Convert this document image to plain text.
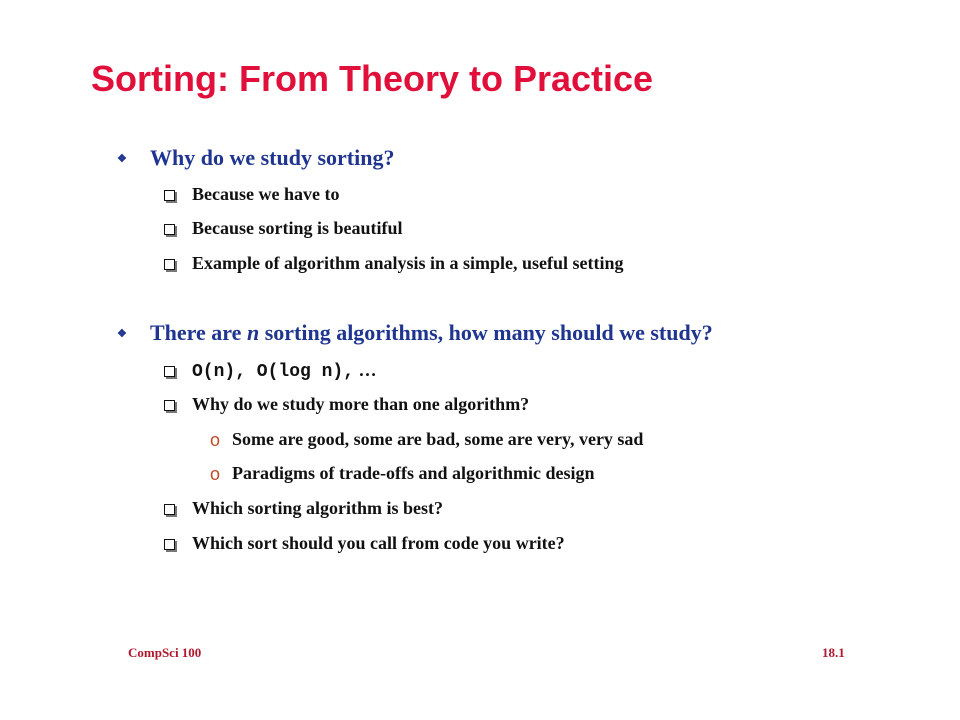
Sorting: From Theory to Practice
❖ Why do we study sorting?
Because we have to
Because sorting is beautiful
Example of algorithm analysis in a simple, useful setting
❖ There are n sorting algorithms, how many should we study?
O(n), O(log n), …
Why do we study more than one algorithm?
o Some are good, some are bad, some are very, very sad
o Paradigms of trade-offs and algorithmic design
Which sorting algorithm is best?
Which sort should you call from code you write?
CompSci 100	18.1
